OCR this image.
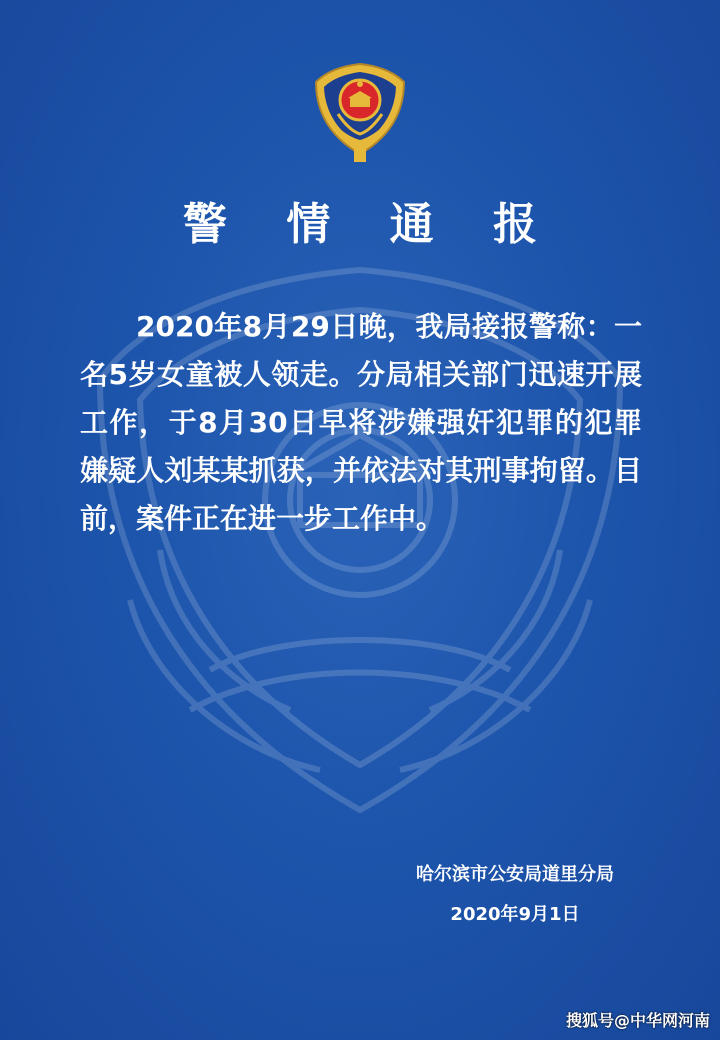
警 情 通 报

2020年8月29日晚，我局接报警称：一名5岁女童被人领走。分局相关部门迅速开展工作，于8月30日早将涉嫌强奸犯罪的犯罪嫌疑人刘某某抓获，并依法对其刑事拘留。目前，案件正在进一步工作中。

哈尔滨市公安局道里分局
2020年9月1日
搜狐号@中华网河南
